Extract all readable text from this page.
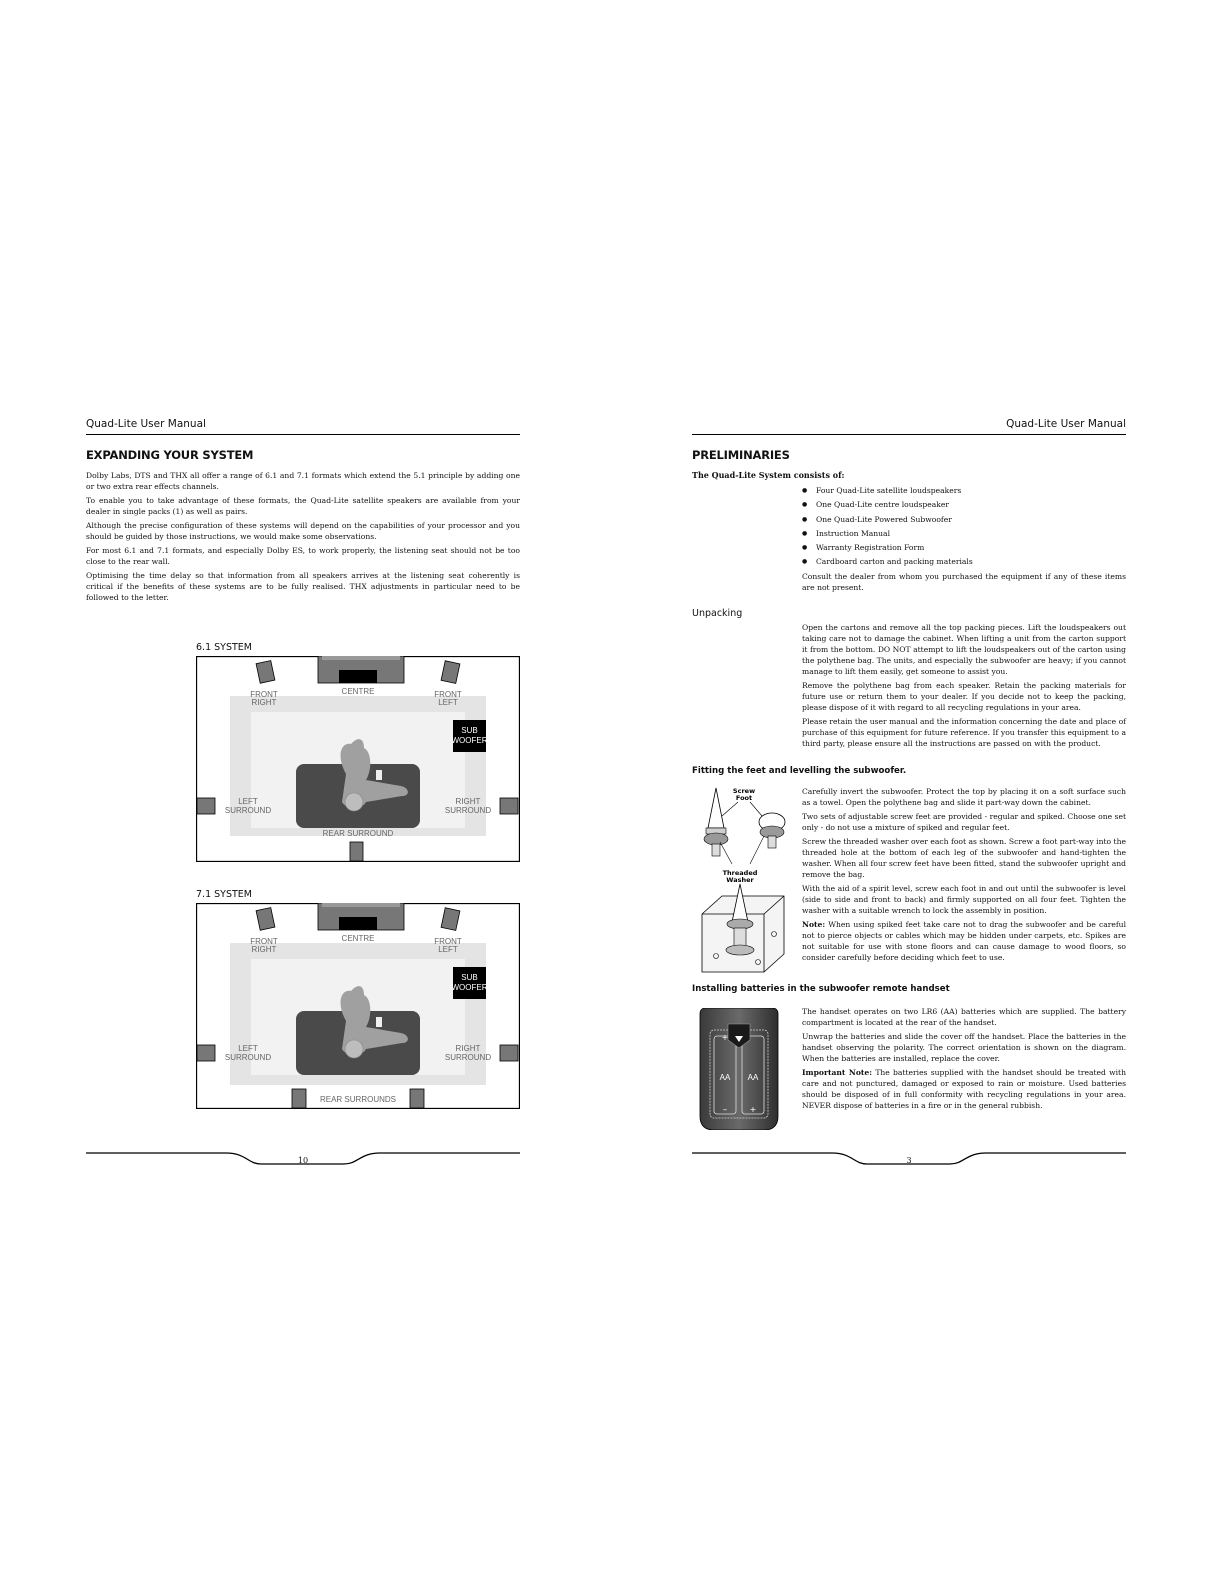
Quad-Lite User Manual
EXPANDING YOUR SYSTEM

Dolby Labs, DTS and THX all offer a range of 6.1 and 7.1 formats which extend the 5.1 principle by adding one or two extra rear effects channels.

To enable you to take advantage of these formats, the Quad-Lite satellite speakers are available from your dealer in single packs (1) as well as pairs.

Although the precise configuration of these systems will depend on the capabilities of your processor and you should be guided by those instructions, we would make some observations.

For most 6.1 and 7.1 formats, and especially Dolby ES, to work properly, the listening seat should not be too close to the rear wall.

Optimising the time delay so that information from all speakers arrives at the listening seat coherently is critical if the benefits of these systems are to be fully realised. THX adjustments in particular need to be followed to the letter.

6.1 SYSTEM
FRONT
RIGHT
CENTRE	FRONT
LEFT
SUB
WOOFER
LEFT
SURROUND
RIGHT
SURROUND
REAR SURROUND
7.1 SYSTEM
FRONT
RIGHT
CENTRE	FRONT
LEFT
SUB
WOOFER
LEFT
SURROUND
RIGHT
SURROUND
REAR SURROUNDS
10
Quad-Lite User Manual
PRELIMINARIES

The Quad-Lite System consists of:

● Four Quad-Lite satellite loudspeakers
● One Quad-Lite centre loudspeaker
● One Quad-Lite Powered Subwoofer
● Instruction Manual
● Warranty Registration Form
● Cardboard carton and packing materials

Consult the dealer from whom you purchased the equipment if any of these items are not present.

Unpacking

Open the cartons and remove all the top packing pieces. Lift the loudspeakers out taking care not to damage the cabinet. When lifting a unit from the carton support it from the bottom. DO NOT attempt to lift the loudspeakers out of the carton using the polythene bag. The units, and especially the subwoofer are heavy; if you cannot manage to lift them easily, get someone to assist you.

Remove the polythene bag from each speaker. Retain the packing materials for future use or return them to your dealer. If you decide not to keep the packing, please dispose of it with regard to all recycling regulations in your area.

Please retain the user manual and the information concerning the date and place of purchase of this equipment for future reference. If you transfer this equipment to a third party, please ensure all the instructions are passed on with the product.

Fitting the feet and levelling the subwoofer.
Screw
Foot
Threaded
Washer

Carefully invert the subwoofer. Protect the top by placing it on a soft surface such as a towel. Open the polythene bag and slide it part-way down the cabinet.

Two sets of adjustable screw feet are provided - regular and spiked. Choose one set only - do not use a mixture of spiked and regular feet.

Screw the threaded washer over each foot as shown. Screw a foot part-way into the threaded hole at the bottom of each leg of the subwoofer and hand-tighten the washer. When all four screw feet have been fitted, stand the subwoofer upright and remove the bag.

With the aid of a spirit level, screw each foot in and out until the subwoofer is level (side to side and front to back) and firmly supported on all four feet. Tighten the washer with a suitable wrench to lock the assembly in position.

Note: When using spiked feet take care not to drag the subwoofer and be careful not to pierce objects or cables which may be hidden under carpets, etc. Spikes are not suitable for use with stone floors and can cause damage to wood floors, so consider carefully before deciding which feet to use.

Installing batteries in the subwoofer remote handset
+
+
–
AA AA

The handset operates on two LR6 (AA) batteries which are supplied. The battery compartment is located at the rear of the handset.

Unwrap the batteries and slide the cover off the handset. Place the batteries in the handset observing the polarity. The correct orientation is shown on the diagram. When the batteries are installed, replace the cover.

Important Note: The batteries supplied with the handset should be treated with care and not punctured, damaged or exposed to rain or moisture. Used batteries should be disposed of in full conformity with recycling regulations in your area. NEVER dispose of batteries in a fire or in the general rubbish.

3
